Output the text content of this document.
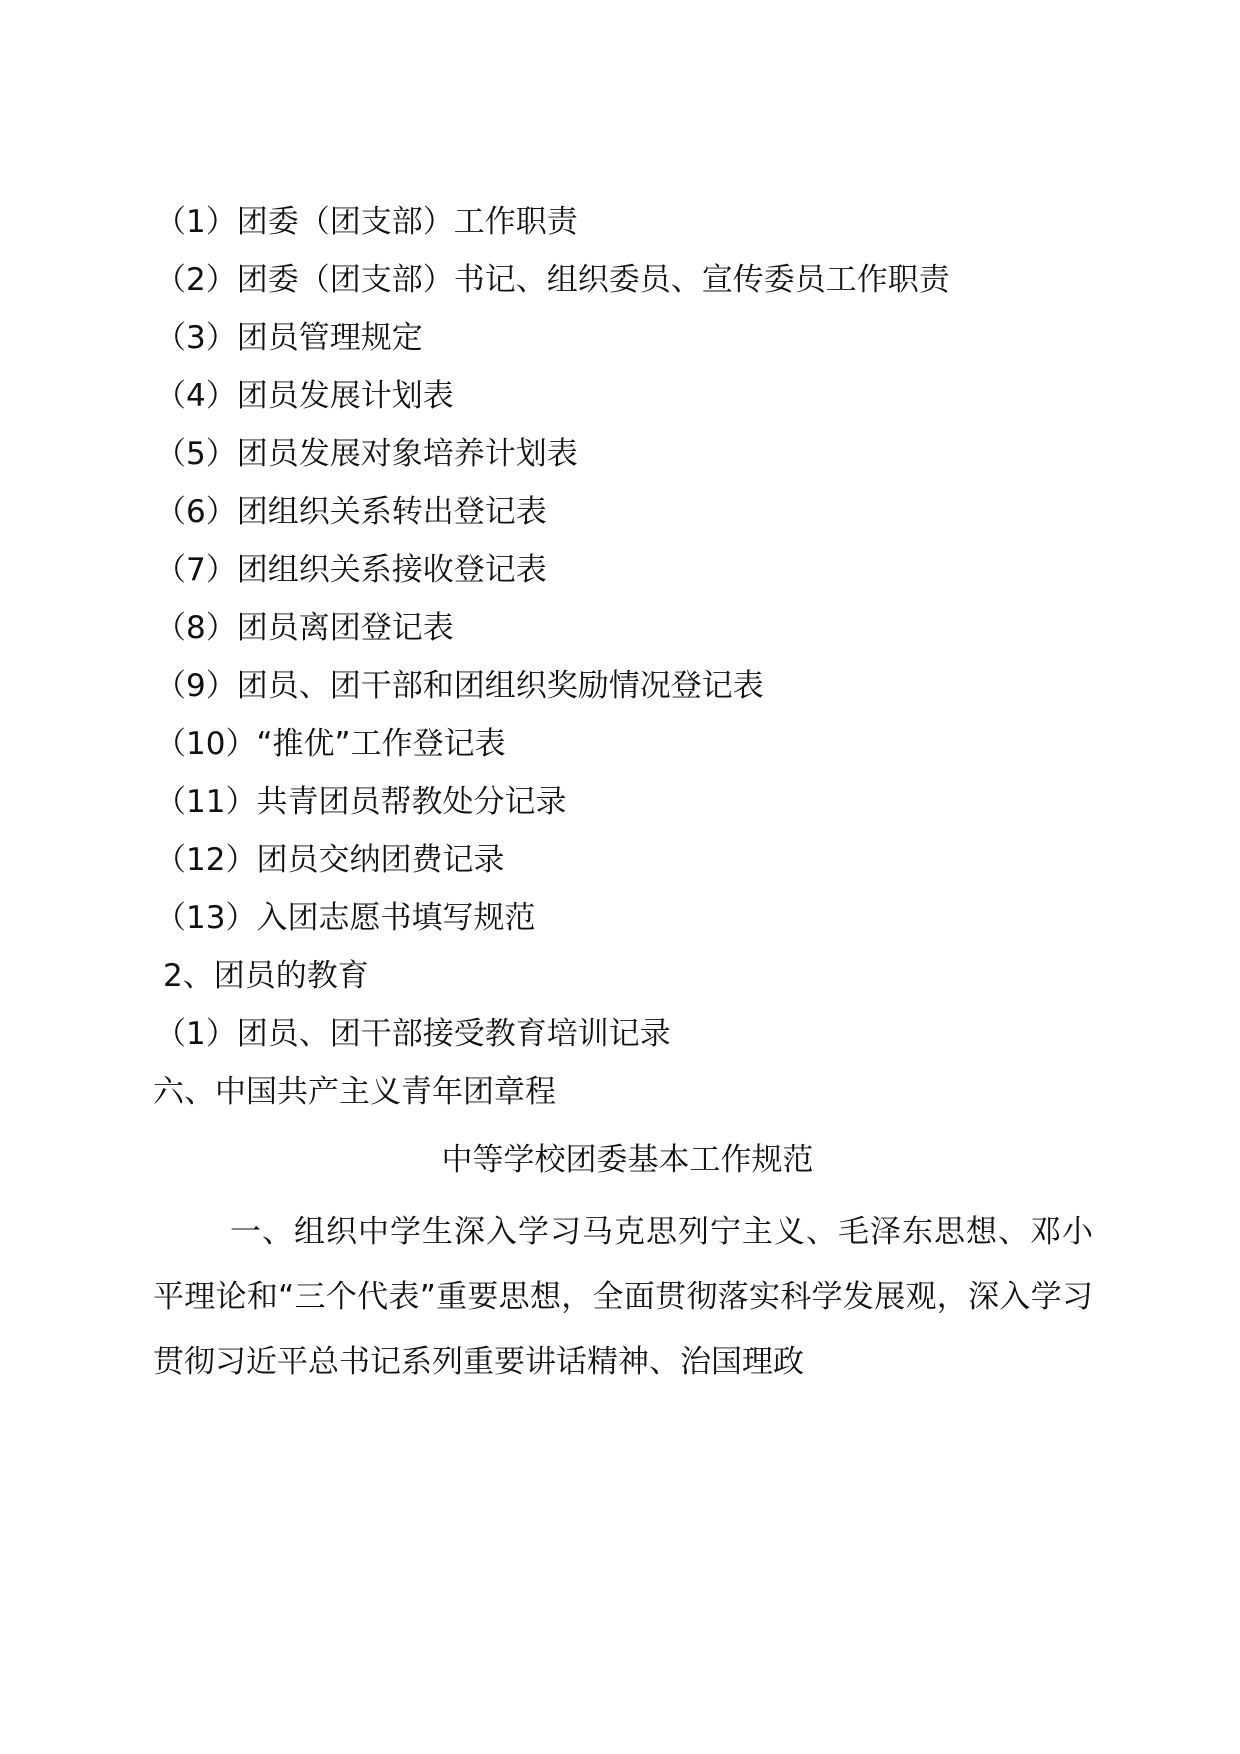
（1）团委（团支部）工作职责
（2）团委（团支部）书记、组织委员、宣传委员工作职责
（3）团员管理规定
（4）团员发展计划表
（5）团员发展对象培养计划表
（6）团组织关系转出登记表
（7）团组织关系接收登记表
（8）团员离团登记表
（9）团员、团干部和团组织奖励情况登记表
（10）“推优”工作登记表
（11）共青团员帮教处分记录
（12）团员交纳团费记录
（13）入团志愿书填写规范
2、团员的教育
（1）团员、团干部接受教育培训记录
六、中国共产主义青年团章程
中等学校团委基本工作规范
一、组织中学生深入学习马克思列宁主义、毛泽东思想、邓小平理论和“三个代表”重要思想，全面贯彻落实科学发展观，深入学习贯彻习近平总书记系列重要讲话精神、治国理政
